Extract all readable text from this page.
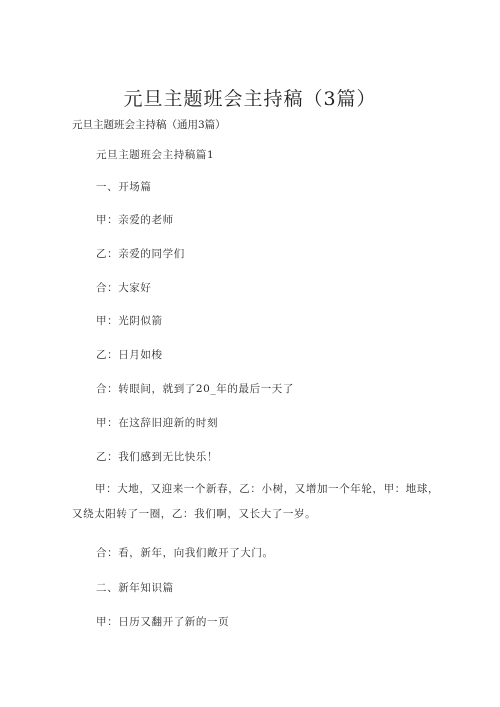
元旦主题班会主持稿（3篇）
元旦主题班会主持稿（通用3篇）
元旦主题班会主持稿篇1
一、开场篇
甲：亲爱的老师
乙：亲爱的同学们
合：大家好
甲：光阴似箭
乙：日月如梭
合：转眼间，就到了20_年的最后一天了
甲：在这辞旧迎新的时刻
乙：我们感到无比快乐！
甲：大地，又迎来一个新春，乙：小树，又增加一个年轮，甲：地球，又绕太阳转了一圈，乙：我们啊，又长大了一岁。
合：看，新年，向我们敞开了大门。
二、新年知识篇
甲：日历又翻开了新的一页
